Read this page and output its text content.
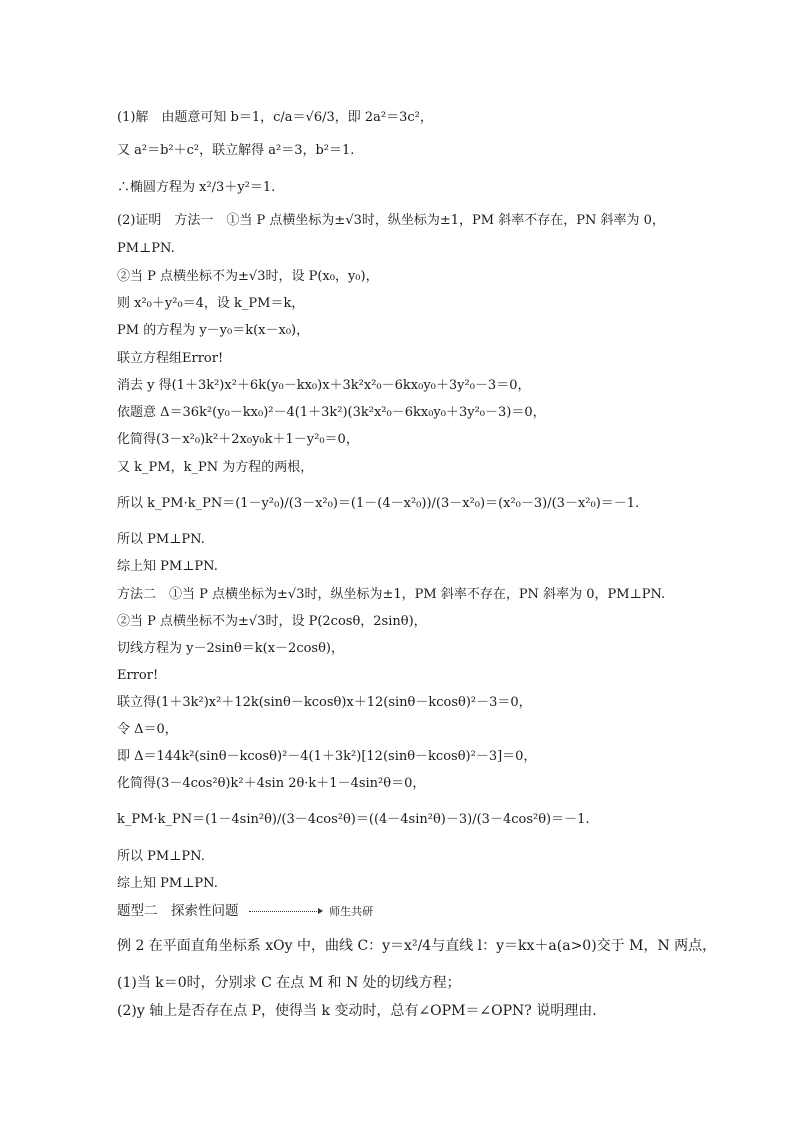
(1)解　由题意可知 b＝1，c/a＝√6/3，即 2a²＝3c²，
又 a²＝b²＋c²，联立解得 a²＝3，b²＝1.
∴椭圆方程为 x²/3＋y²＝1.
(2)证明　方法一　①当 P 点横坐标为±√3时，纵坐标为±1，PM 斜率不存在，PN 斜率为 0，
PM⊥PN.
②当 P 点横坐标不为±√3时，设 P(x₀，y₀)，
则 x²₀＋y²₀＝4，设 k_PM＝k，
PM 的方程为 y－y₀＝k(x－x₀)，
联立方程组Error!
消去 y 得(1＋3k²)x²＋6k(y₀－kx₀)x＋3k²x²₀－6kx₀y₀＋3y²₀－3＝0，
依题意 Δ＝36k²(y₀－kx₀)²－4(1＋3k²)(3k²x²₀－6kx₀y₀＋3y²₀－3)＝0，
化简得(3－x²₀)k²＋2x₀y₀k＋1－y²₀＝0，
又 k_PM，k_PN 为方程的两根，
所以 k_PM·k_PN＝(1－y²₀)/(3－x²₀)＝(1－(4－x²₀))/(3－x²₀)＝(x²₀－3)/(3－x²₀)＝－1.
所以 PM⊥PN.
综上知 PM⊥PN.
方法二　①当 P 点横坐标为±√3时，纵坐标为±1，PM 斜率不存在，PN 斜率为 0，PM⊥PN.
②当 P 点横坐标不为±√3时，设 P(2cosθ，2sinθ)，
切线方程为 y－2sinθ＝k(x－2cosθ)，
Error!
联立得(1＋3k²)x²＋12k(sinθ－kcosθ)x＋12(sinθ－kcosθ)²－3＝0，
令 Δ＝0，
即 Δ＝144k²(sinθ－kcosθ)²－4(1＋3k²)[12(sinθ－kcosθ)²－3]＝0，
化简得(3－4cos²θ)k²＋4sin 2θ·k＋1－4sin²θ＝0，
k_PM·k_PN＝(1－4sin²θ)/(3－4cos²θ)＝((4－4sin²θ)－3)/(3－4cos²θ)＝－1.
所以 PM⊥PN.
综上知 PM⊥PN.
题型二　探索性问题	师生共研
例 2 在平面直角坐标系 xOy 中，曲线 C：y＝x²/4与直线 l：y＝kx＋a(a>0)交于 M，N 两点，
(1)当 k＝0时，分别求 C 在点 M 和 N 处的切线方程；
(2)y 轴上是否存在点 P，使得当 k 变动时，总有∠OPM＝∠OPN? 说明理由.
